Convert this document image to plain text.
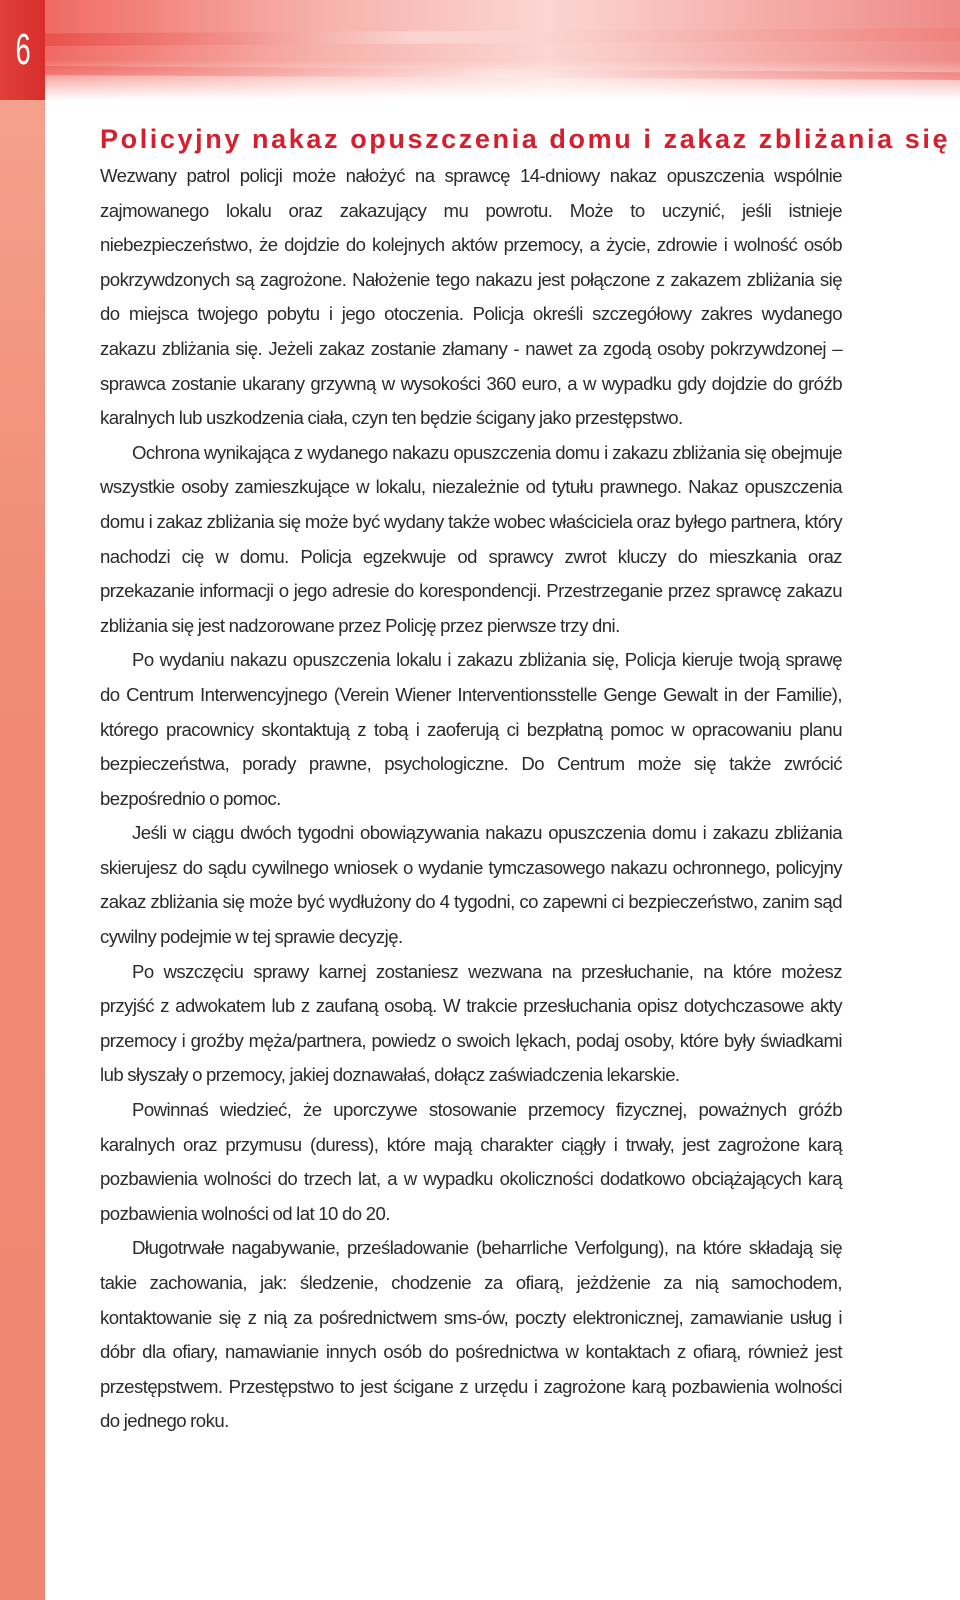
6
Policyjny nakaz opuszczenia domu i zakaz zbliżania się

Wezwany patrol policji może nałożyć na sprawcę 14-dniowy nakaz opuszczenia wspólnie zajmowanego lokalu oraz zakazujący mu powrotu. Może to uczynić, jeśli istnieje niebezpieczeństwo, że dojdzie do kolejnych aktów przemocy, a życie, zdrowie i wolność osób pokrzywdzonych są zagrożone. Nałożenie tego nakazu jest połączone z zakazem zbliżania się do miejsca twojego pobytu i jego otoczenia. Policja określi szczegółowy zakres wydanego zakazu zbliżania się. Jeżeli zakaz zostanie złamany - nawet za zgodą osoby pokrzywdzonej – sprawca zostanie ukarany grzywną w wysokości 360 euro, a w wypadku gdy dojdzie do gróźb karalnych lub uszkodzenia ciała, czyn ten będzie ścigany jako przestępstwo.

Ochrona wynikająca z wydanego nakazu opuszczenia domu i zakazu zbliżania się obejmuje wszystkie osoby zamieszkujące w lokalu, niezależnie od tytułu prawnego. Nakaz opuszczenia domu i zakaz zbliżania się może być wydany także wobec właściciela oraz byłego partnera, który nachodzi cię w domu. Policja egzekwuje od sprawcy zwrot kluczy do mieszkania oraz przekazanie informacji o jego adresie do korespondencji. Przestrzeganie przez sprawcę zakazu zbliżania się jest nadzorowane przez Policję przez pierwsze trzy dni.

Po wydaniu nakazu opuszczenia lokalu i zakazu zbliżania się, Policja kieruje twoją sprawę do Centrum Interwencyjnego (Verein Wiener Interventionsstelle Genge Gewalt in der Familie), którego pracownicy skontaktują z tobą i zaoferują ci bezpłatną pomoc w opracowaniu planu bezpieczeństwa, porady prawne, psychologiczne. Do Centrum może się także zwrócić bezpośrednio o pomoc.

Jeśli w ciągu dwóch tygodni obowiązywania nakazu opuszczenia domu i zakazu zbliżania skierujesz do sądu cywilnego wniosek o wydanie tymczasowego nakazu ochronnego, policyjny zakaz zbliżania się może być wydłużony do 4 tygodni, co zapewni ci bezpieczeństwo, zanim sąd cywilny podejmie w tej sprawie decyzję.

Po wszczęciu sprawy karnej zostaniesz wezwana na przesłuchanie, na które możesz przyjść z adwokatem lub z zaufaną osobą. W trakcie przesłuchania opisz dotychczasowe akty przemocy i groźby męża/partnera, powiedz o swoich lękach, podaj osoby, które były świadkami lub słyszały o przemocy, jakiej doznawałaś, dołącz zaświadczenia lekarskie.

Powinnaś wiedzieć, że uporczywe stosowanie przemocy fizycznej, poważnych gróźb karalnych oraz przymusu (duress), które mają charakter ciągły i trwały, jest zagrożone karą pozbawienia wolności do trzech lat, a w wypadku okoliczności dodatkowo obciążających karą pozbawienia wolności od lat 10 do 20.

Długotrwałe nagabywanie, prześladowanie (beharrliche Verfolgung), na które składają się takie zachowania, jak: śledzenie, chodzenie za ofiarą, jeżdżenie za nią samochodem, kontaktowanie się z nią za pośrednictwem sms-ów, poczty elektronicznej, zamawianie usług i dóbr dla ofiary, namawianie innych osób do pośrednictwa w kontaktach z ofiarą, również jest przestępstwem. Przestępstwo to jest ścigane z urzędu i zagrożone karą pozbawienia wolności do jednego roku.
